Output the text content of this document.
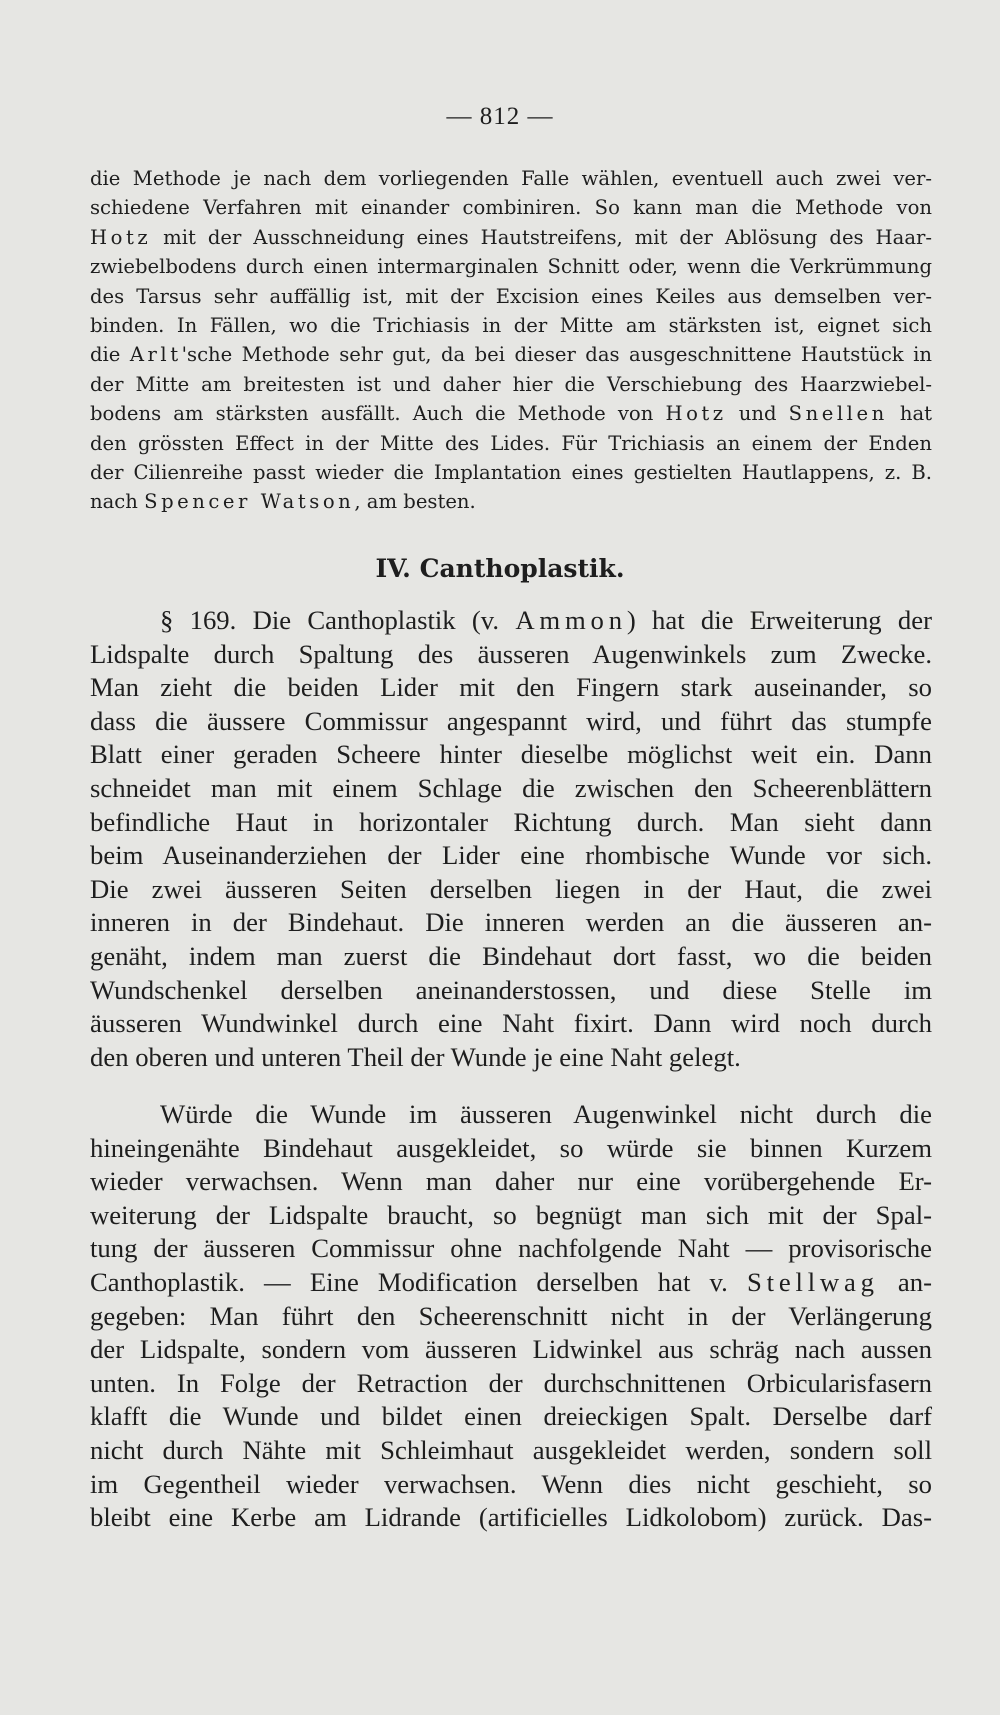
— 812 —
die Methode je nach dem vorliegenden Falle wählen, eventuell auch zwei ver-
schiedene Verfahren mit einander combiniren. So kann man die Methode von
Hotz mit der Ausschneidung eines Hautstreifens, mit der Ablösung des Haar-
zwiebelbodens durch einen intermarginalen Schnitt oder, wenn die Verkrümmung
des Tarsus sehr auffällig ist, mit der Excision eines Keiles aus demselben ver-
binden. In Fällen, wo die Trichiasis in der Mitte am stärksten ist, eignet sich
die Arlt'sche Methode sehr gut, da bei dieser das ausgeschnittene Hautstück in
der Mitte am breitesten ist und daher hier die Verschiebung des Haarzwiebel-
bodens am stärksten ausfällt. Auch die Methode von Hotz und Snellen hat
den grössten Effect in der Mitte des Lides. Für Trichiasis an einem der Enden
der Cilienreihe passt wieder die Implantation eines gestielten Hautlappens, z. B.
nach Spencer Watson, am besten.
IV. Canthoplastik.
§ 169. Die Canthoplastik (v. Ammon) hat die Erweiterung der
Lidspalte durch Spaltung des äusseren Augenwinkels zum Zwecke.
Man zieht die beiden Lider mit den Fingern stark auseinander, so
dass die äussere Commissur angespannt wird, und führt das stumpfe
Blatt einer geraden Scheere hinter dieselbe möglichst weit ein. Dann
schneidet man mit einem Schlage die zwischen den Scheerenblättern
befindliche Haut in horizontaler Richtung durch. Man sieht dann
beim Auseinanderziehen der Lider eine rhombische Wunde vor sich.
Die zwei äusseren Seiten derselben liegen in der Haut, die zwei
inneren in der Bindehaut. Die inneren werden an die äusseren an-
genäht, indem man zuerst die Bindehaut dort fasst, wo die beiden
Wundschenkel derselben aneinanderstossen, und diese Stelle im
äusseren Wundwinkel durch eine Naht fixirt. Dann wird noch durch
den oberen und unteren Theil der Wunde je eine Naht gelegt.
Würde die Wunde im äusseren Augenwinkel nicht durch die
hineingenähte Bindehaut ausgekleidet, so würde sie binnen Kurzem
wieder verwachsen. Wenn man daher nur eine vorübergehende Er-
weiterung der Lidspalte braucht, so begnügt man sich mit der Spal-
tung der äusseren Commissur ohne nachfolgende Naht — provisorische
Canthoplastik. — Eine Modification derselben hat v. Stellwag an-
gegeben: Man führt den Scheerenschnitt nicht in der Verlängerung
der Lidspalte, sondern vom äusseren Lidwinkel aus schräg nach aussen
unten. In Folge der Retraction der durchschnittenen Orbicularisfasern
klafft die Wunde und bildet einen dreieckigen Spalt. Derselbe darf
nicht durch Nähte mit Schleimhaut ausgekleidet werden, sondern soll
im Gegentheil wieder verwachsen. Wenn dies nicht geschieht, so
bleibt eine Kerbe am Lidrande (artificielles Lidkolobom) zurück. Das-
